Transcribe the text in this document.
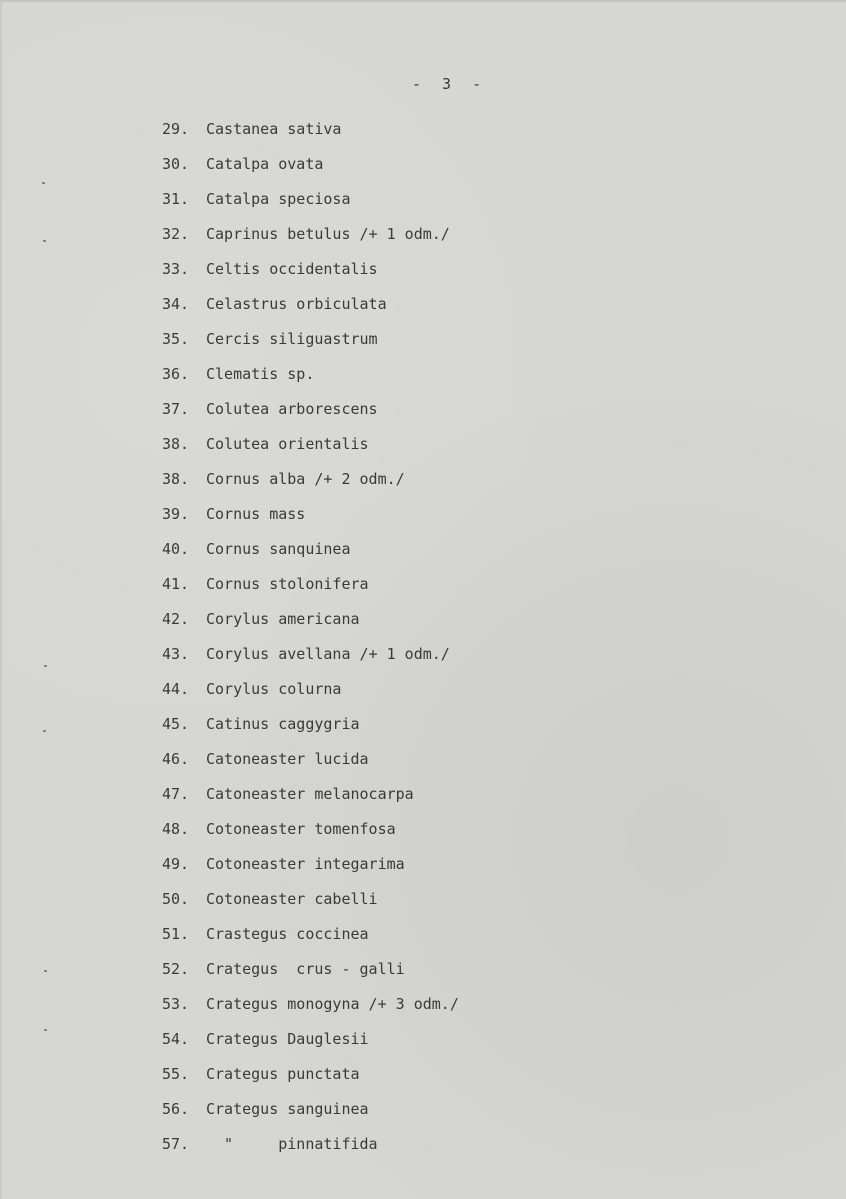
- 3 -
29.	Castanea sativa
30.	Catalpa ovata
31.	Catalpa speciosa
32.	Caprinus betulus /+ 1 odm./
33.	Celtis occidentalis
34.	Celastrus orbiculata
35.	Cercis siliguastrum
36.	Clematis sp.
37.	Colutea arborescens
38.	Colutea orientalis
38.	Cornus alba /+ 2 odm./
39.	Cornus mass
40.	Cornus sanquinea
41.	Cornus stolonifera
42.	Corylus americana
43.	Corylus avellana /+ 1 odm./
44.	Corylus colurna
45.	Catinus caggygria
46.	Catoneaster lucida
47.	Catoneaster melanocarpa
48.	Cotoneaster tomenfosa
49.	Cotoneaster integarima
50.	Cotoneaster cabelli
51.	Crastegus coccinea
52.	Crategus  crus - galli
53.	Crategus monogyna /+ 3 odm./
54.	Crategus Dauglesii
55.	Crategus punctata
56.	Crategus sanguinea
57.	"     pinnatifida
